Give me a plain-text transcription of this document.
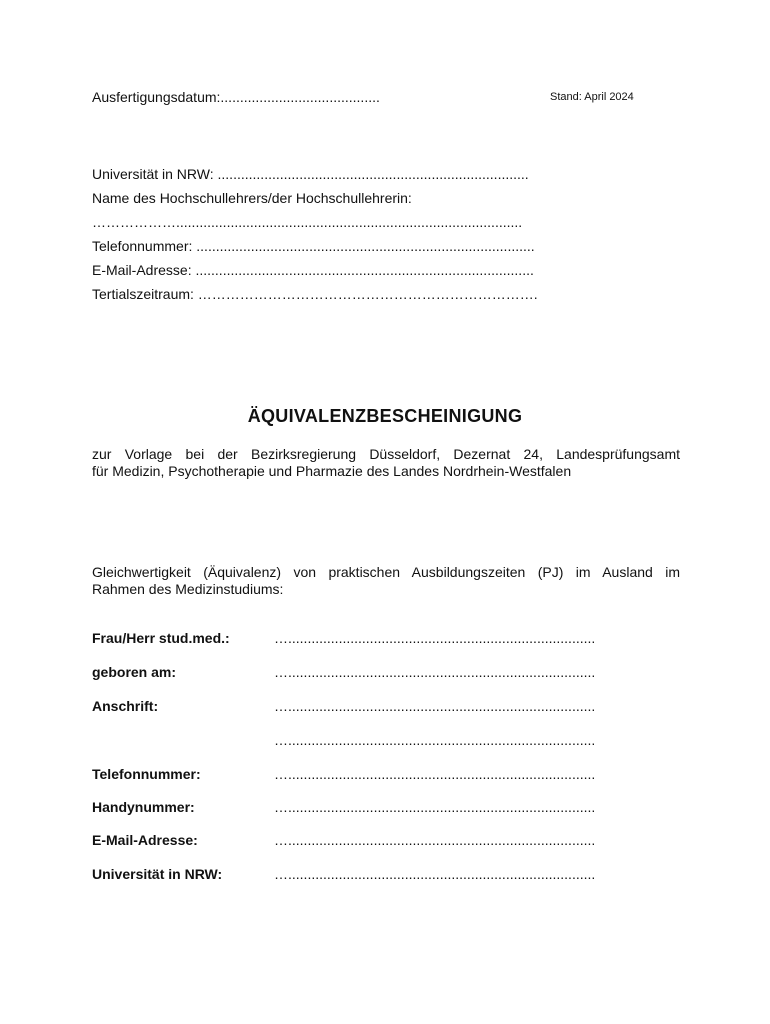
Ausfertigungsdatum:.........................................	Stand: April 2024
Universität in NRW: ................................................................................
Name des Hochschullehrers/der Hochschullehrerin:
……………….........................................................................................
Telefonnummer: .......................................................................................
E-Mail-Adresse: .......................................................................................
Tertialszeitraum: ……………………………………………………………….
ÄQUIVALENZBESCHEINIGUNG
zur Vorlage bei der Bezirksregierung Düsseldorf, Dezernat 24, Landesprüfungsamt
für Medizin, Psychotherapie und Pharmazie des Landes Nordrhein-Westfalen
Gleichwertigkeit (Äquivalenz) von praktischen Ausbildungszeiten (PJ) im Ausland im
Rahmen des Medizinstudiums:
Frau/Herr stud.med.:	…...............................................................................
geboren am:	…...............................................................................
Anschrift:	…...............................................................................
…...............................................................................
Telefonnummer:	…...............................................................................
Handynummer:	…...............................................................................
E-Mail-Adresse:	…...............................................................................
Universität in NRW:	…...............................................................................
